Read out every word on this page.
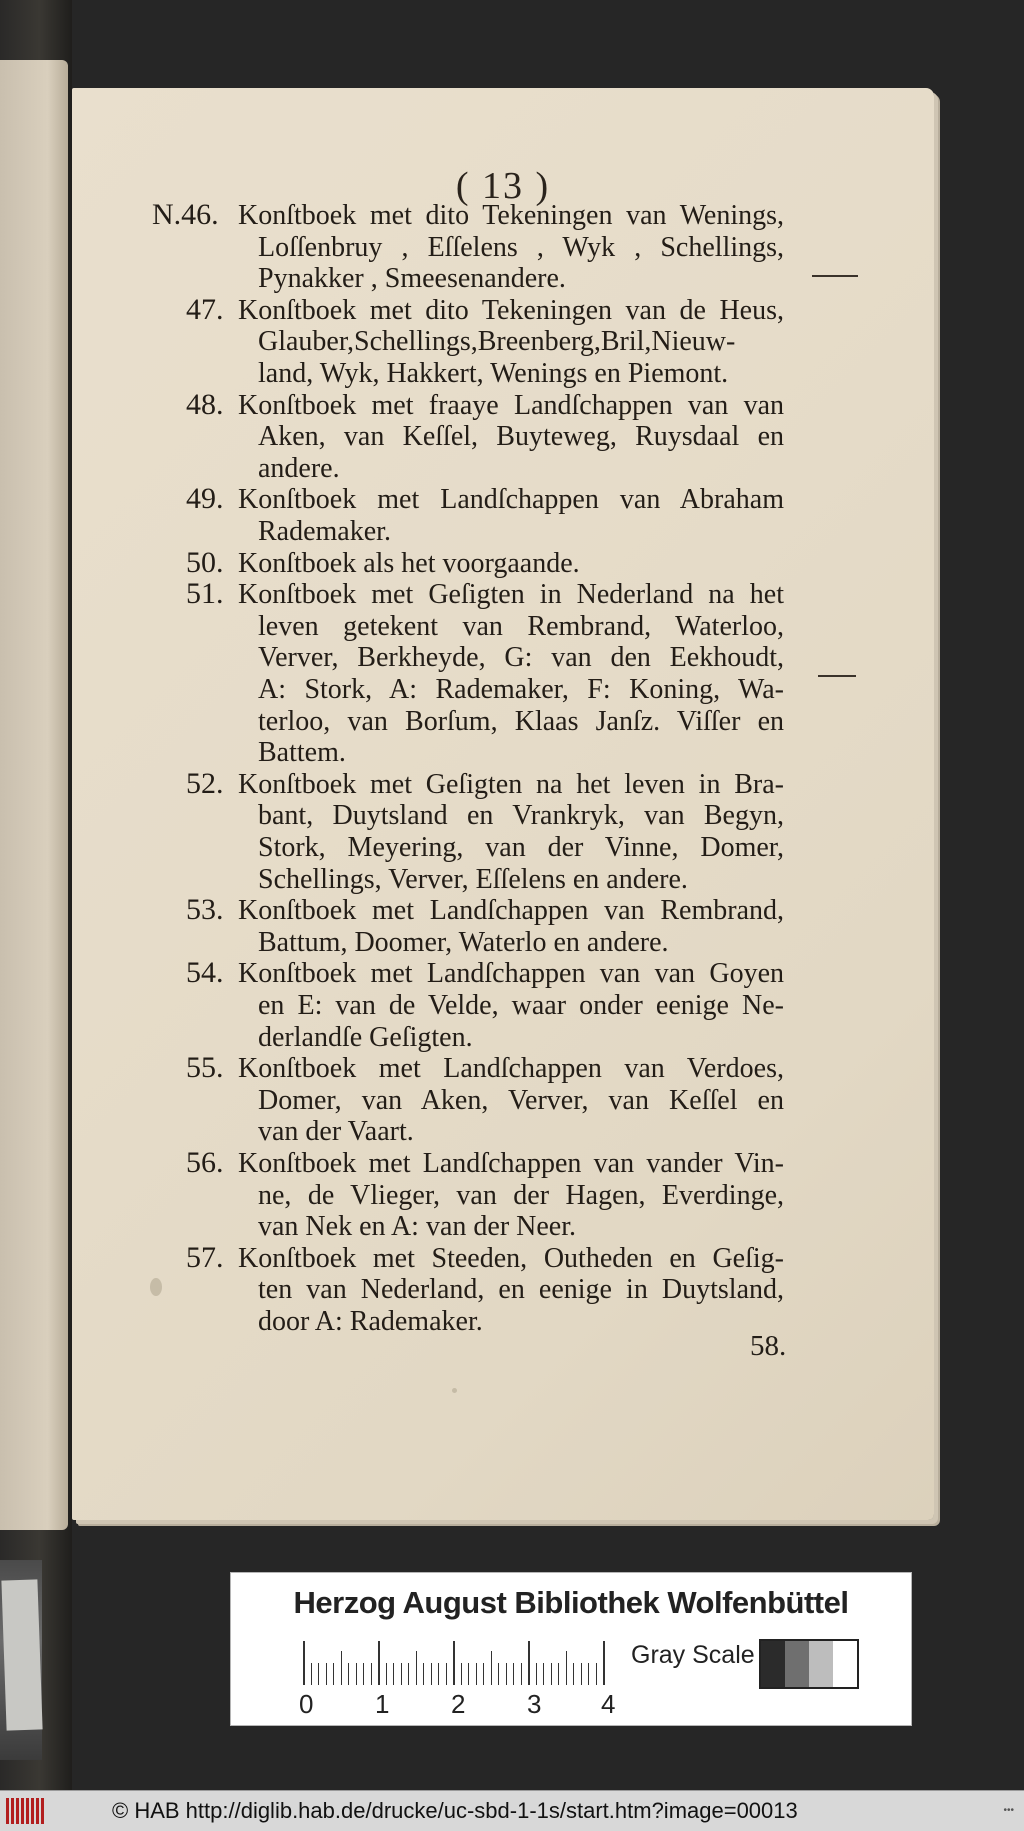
( 13 )
58.
N.46. Konſtboek met dito Tekeningen van Wenings,
Loſſenbruy , Eſſelens , Wyk , Schellings,
Pynakker , Smeesenandere.
47. Konſtboek met dito Tekeningen van de Heus,
Glauber,Schellings,Breenberg,Bril,Nieuw-
land, Wyk, Hakkert, Wenings en Piemont.
48. Konſtboek met fraaye Landſchappen van van
Aken, van Keſſel, Buyteweg, Ruysdaal en
andere.
49. Konſtboek met Landſchappen van Abraham
Rademaker.
50. Konſtboek als het voorgaande.
51. Konſtboek met Geſigten in Nederland na het
leven getekent van Rembrand, Waterloo,
Verver, Berkheyde, G: van den Eekhoudt,
A: Stork, A: Rademaker, F: Koning, Wa-
terloo, van Borſum, Klaas Janſz. Viſſer en
Battem.
52. Konſtboek met Geſigten na het leven in Bra-
bant, Duytsland en Vrankryk, van Begyn,
Stork, Meyering, van der Vinne, Domer,
Schellings, Verver, Eſſelens en andere.
53. Konſtboek met Landſchappen van Rembrand,
Battum, Doomer, Waterlo en andere.
54. Konſtboek met Landſchappen van van Goyen
en E: van de Velde, waar onder eenige Ne-
derlandſe Geſigten.
55. Konſtboek met Landſchappen van Verdoes,
Domer, van Aken, Verver, van Keſſel en
van der Vaart.
56. Konſtboek met Landſchappen van vander Vin-
ne, de Vlieger, van der Hagen, Everdinge,
van Nek en A: van der Neer.
57. Konſtboek met Steeden, Outheden en Geſig-
ten van Nederland, en eenige in Duytsland,
door A: Rademaker.
Herzog August Bibliothek Wolfenbüttel
0 1 2 3 4
Gray Scale
© HAB http://diglib.hab.de/drucke/uc-sbd-1-1s/start.htm?image=00013	•••
